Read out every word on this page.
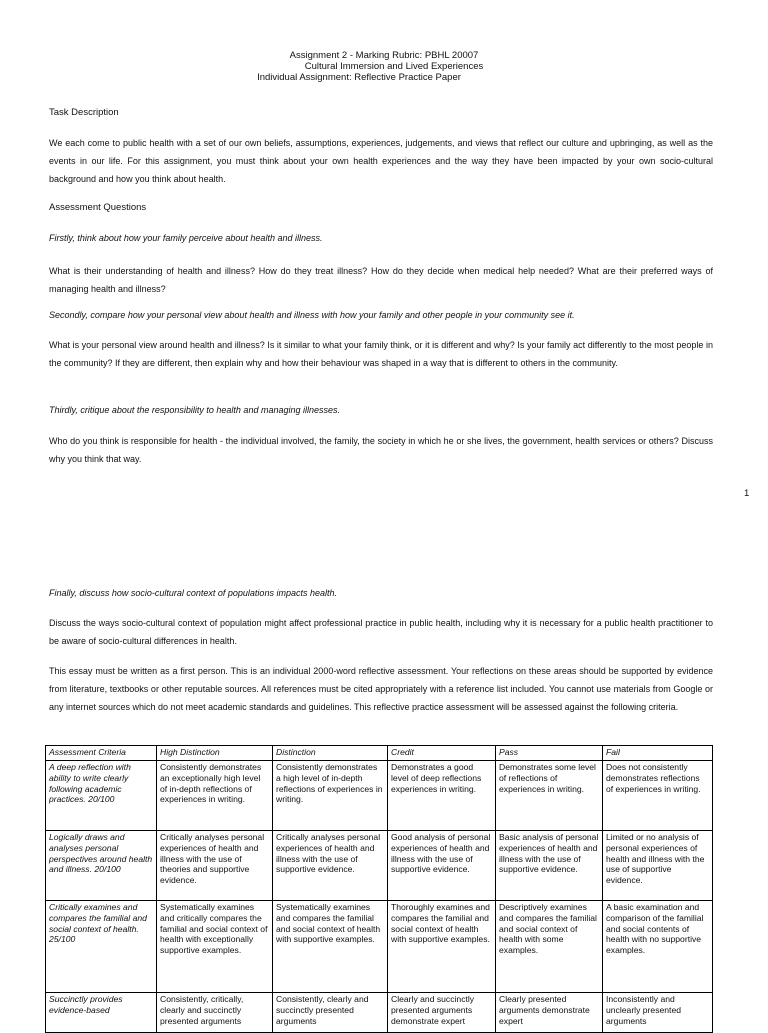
Assignment 2 - Marking Rubric: PBHL 20007
Cultural Immersion and Lived Experiences
Individual Assignment: Reflective Practice Paper
Task Description
We each come to public health with a set of our own beliefs, assumptions, experiences, judgements, and views that reflect our culture and upbringing, as well as the events in our life. For this assignment, you must think about your own health experiences and the way they have been impacted by your own socio-cultural background and how you think about health.
Assessment Questions
Firstly, think about how your family perceive about health and illness.
What is their understanding of health and illness? How do they treat illness? How do they decide when medical help needed? What are their preferred ways of managing health and illness?
Secondly, compare how your personal view about health and illness with how your family and other people in your community see it.
What is your personal view around health and illness? Is it similar to what your family think, or it is different and why? Is your family act differently to the most people in the community? If they are different, then explain why and how their behaviour was shaped in a way that is different to others in the community.
Thirdly, critique about the responsibility to health and managing illnesses.
Who do you think is responsible for health - the individual involved, the family, the society in which he or she lives, the government, health services or others? Discuss why you think that way.
1
Finally, discuss how socio-cultural context of populations impacts health.
Discuss the ways socio-cultural context of population might affect professional practice in public health, including why it is necessary for a public health practitioner to be aware of socio-cultural differences in health.
This essay must be written as a first person. This is an individual 2000-word reflective assessment. Your reflections on these areas should be supported by evidence from literature, textbooks or other reputable sources. All references must be cited appropriately with a reference list included. You cannot use materials from Google or any internet sources which do not meet academic standards and guidelines. This reflective practice assessment will be assessed against the following criteria.
Assessment Criteria	High Distinction	Distinction	Credit	Pass	Fail
A deep reflection with ability to write clearly following academic practices. 20/100	Consistently demonstrates an exceptionally high level of in-depth reflections of experiences in writing.	Consistently demonstrates a high level of in-depth reflections of experiences in writing.	Demonstrates a good level of deep reflections experiences in writing.	Demonstrates some level of reflections of experiences in writing.	Does not consistently demonstrates reflections of experiences in writing.
Logically draws and analyses personal perspectives around health and illness. 20/100	Critically analyses personal experiences of health and illness with the use of theories and supportive evidence.	Critically analyses personal experiences of health and illness with the use of supportive evidence.	Good analysis of personal experiences of health and illness with the use of supportive evidence.	Basic analysis of personal experiences of health and illness with the use of supportive evidence.	Limited or no analysis of personal experiences of health and illness with the use of supportive evidence.
Critically examines and compares the familial and social context of health. 25/100	Systematically examines and critically compares the familial and social context of health with exceptionally supportive examples.	Systematically examines and compares the familial and social context of health with supportive examples.	Thoroughly examines and compares the familial and social context of health with supportive examples.	Descriptively examines and compares the familial and social context of health with some examples.	A basic examination and comparison of the familial and social contents of health with no supportive examples.
Succinctly provides evidence-based	Consistently, critically, clearly and succinctly presented arguments	Consistently, clearly and succinctly presented arguments	Clearly and succinctly presented arguments demonstrate expert	Clearly presented arguments demonstrate expert	Inconsistently and unclearly presented arguments
